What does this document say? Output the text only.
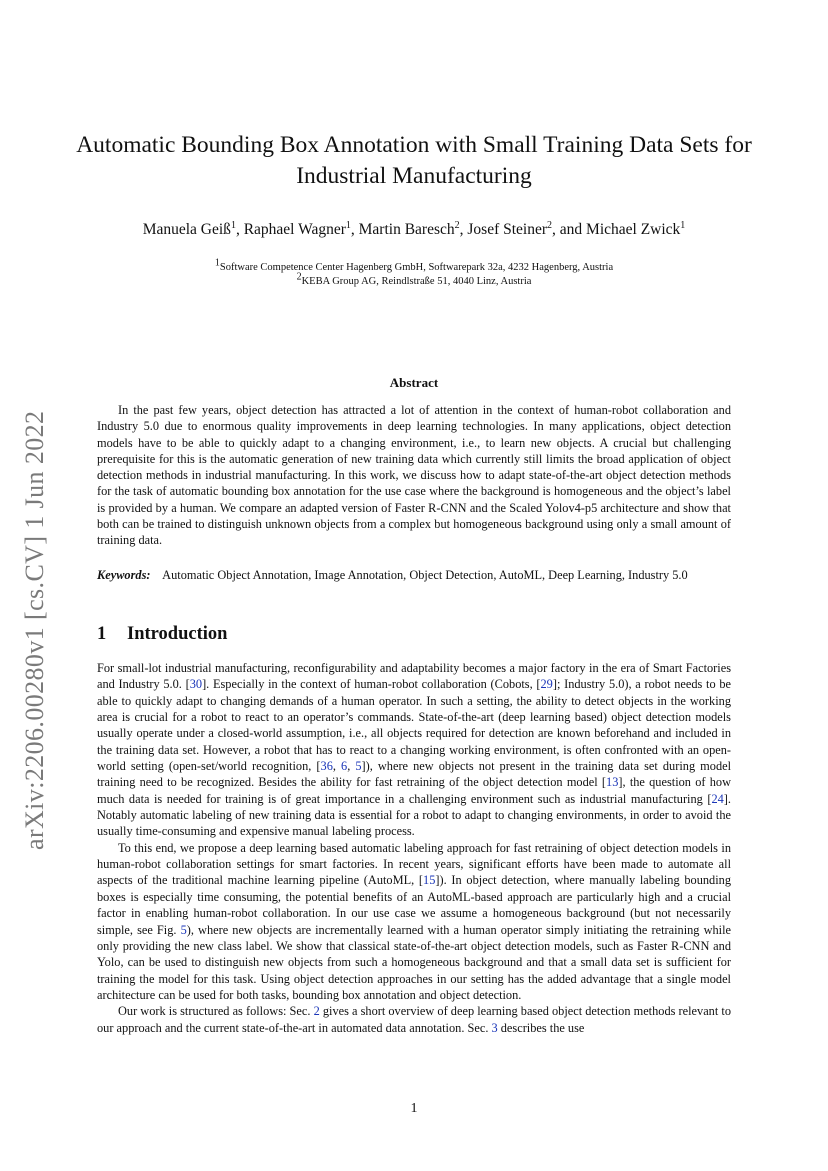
arXiv:2206.00280v1 [cs.CV] 1 Jun 2022
Automatic Bounding Box Annotation with Small Training Data Sets for Industrial Manufacturing
Manuela Geiß$^1$, Raphael Wagner$^1$, Martin Baresch$^2$, Josef Steiner$^2$, and Michael Zwick$^1$
$^1$Software Competence Center Hagenberg GmbH, Softwarepark 32a, 4232 Hagenberg, Austria
$^2$KEBA Group AG, Reindlstraße 51, 4040 Linz, Austria
Abstract

In the past few years, object detection has attracted a lot of attention in the context of human-robot collaboration and Industry 5.0 due to enormous quality improvements in deep learning technologies. In many applications, object detection models have to be able to quickly adapt to a changing environment, i.e., to learn new objects. A crucial but challenging prerequisite for this is the automatic generation of new training data which currently still limits the broad application of object detection methods in industrial manufacturing. In this work, we discuss how to adapt state-of-the-art object detection methods for the task of automatic bounding box annotation for the use case where the background is homogeneous and the object’s label is provided by a human. We compare an adapted version of Faster R-CNN and the Scaled Yolov4-p5 architecture and show that both can be trained to distinguish unknown objects from a complex but homogeneous background using only a small amount of training data.

Keywords: Automatic Object Annotation, Image Annotation, Object Detection, AutoML, Deep Learning, Industry 5.0

1 Introduction

For small-lot industrial manufacturing, reconfigurability and adaptability becomes a major factory in the era of Smart Factories and Industry 5.0. [30]. Especially in the context of human-robot collaboration (Cobots, [29]; Industry 5.0), a robot needs to be able to quickly adapt to changing demands of a human operator. In such a setting, the ability to detect objects in the working area is crucial for a robot to react to an operator’s commands. State-of-the-art (deep learning based) object detection models usually operate under a closed-world assumption, i.e., all objects required for detection are known beforehand and included in the training data set. However, a robot that has to react to a changing working environment, is often confronted with an open-world setting (open-set/world recognition, [36, 6, 5]), where new objects not present in the training data set during model training need to be recognized. Besides the ability for fast retraining of the object detection model [13], the question of how much data is needed for training is of great importance in a challenging environment such as industrial manufacturing [24]. Notably automatic labeling of new training data is essential for a robot to adapt to changing environments, in order to avoid the usually time-consuming and expensive manual labeling process.

To this end, we propose a deep learning based automatic labeling approach for fast retraining of object detection models in human-robot collaboration settings for smart factories. In recent years, significant efforts have been made to automate all aspects of the traditional machine learning pipeline (AutoML, [15]). In object detection, where manually labeling bounding boxes is especially time consuming, the potential benefits of an AutoML-based approach are particularly high and a crucial factor in enabling human-robot collaboration. In our use case we assume a homogeneous background (but not necessarily simple, see Fig. 5), where new objects are incrementally learned with a human operator simply initiating the retraining while only providing the new class label. We show that classical state-of-the-art object detection models, such as Faster R-CNN and Yolo, can be used to distinguish new objects from such a homogeneous background and that a small data set is sufficient for training the model for this task. Using object detection approaches in our setting has the added advantage that a single model architecture can be used for both tasks, bounding box annotation and object detection.

Our work is structured as follows: Sec. 2 gives a short overview of deep learning based object detection methods relevant to our approach and the current state-of-the-art in automated data annotation. Sec. 3 describes the use

1
